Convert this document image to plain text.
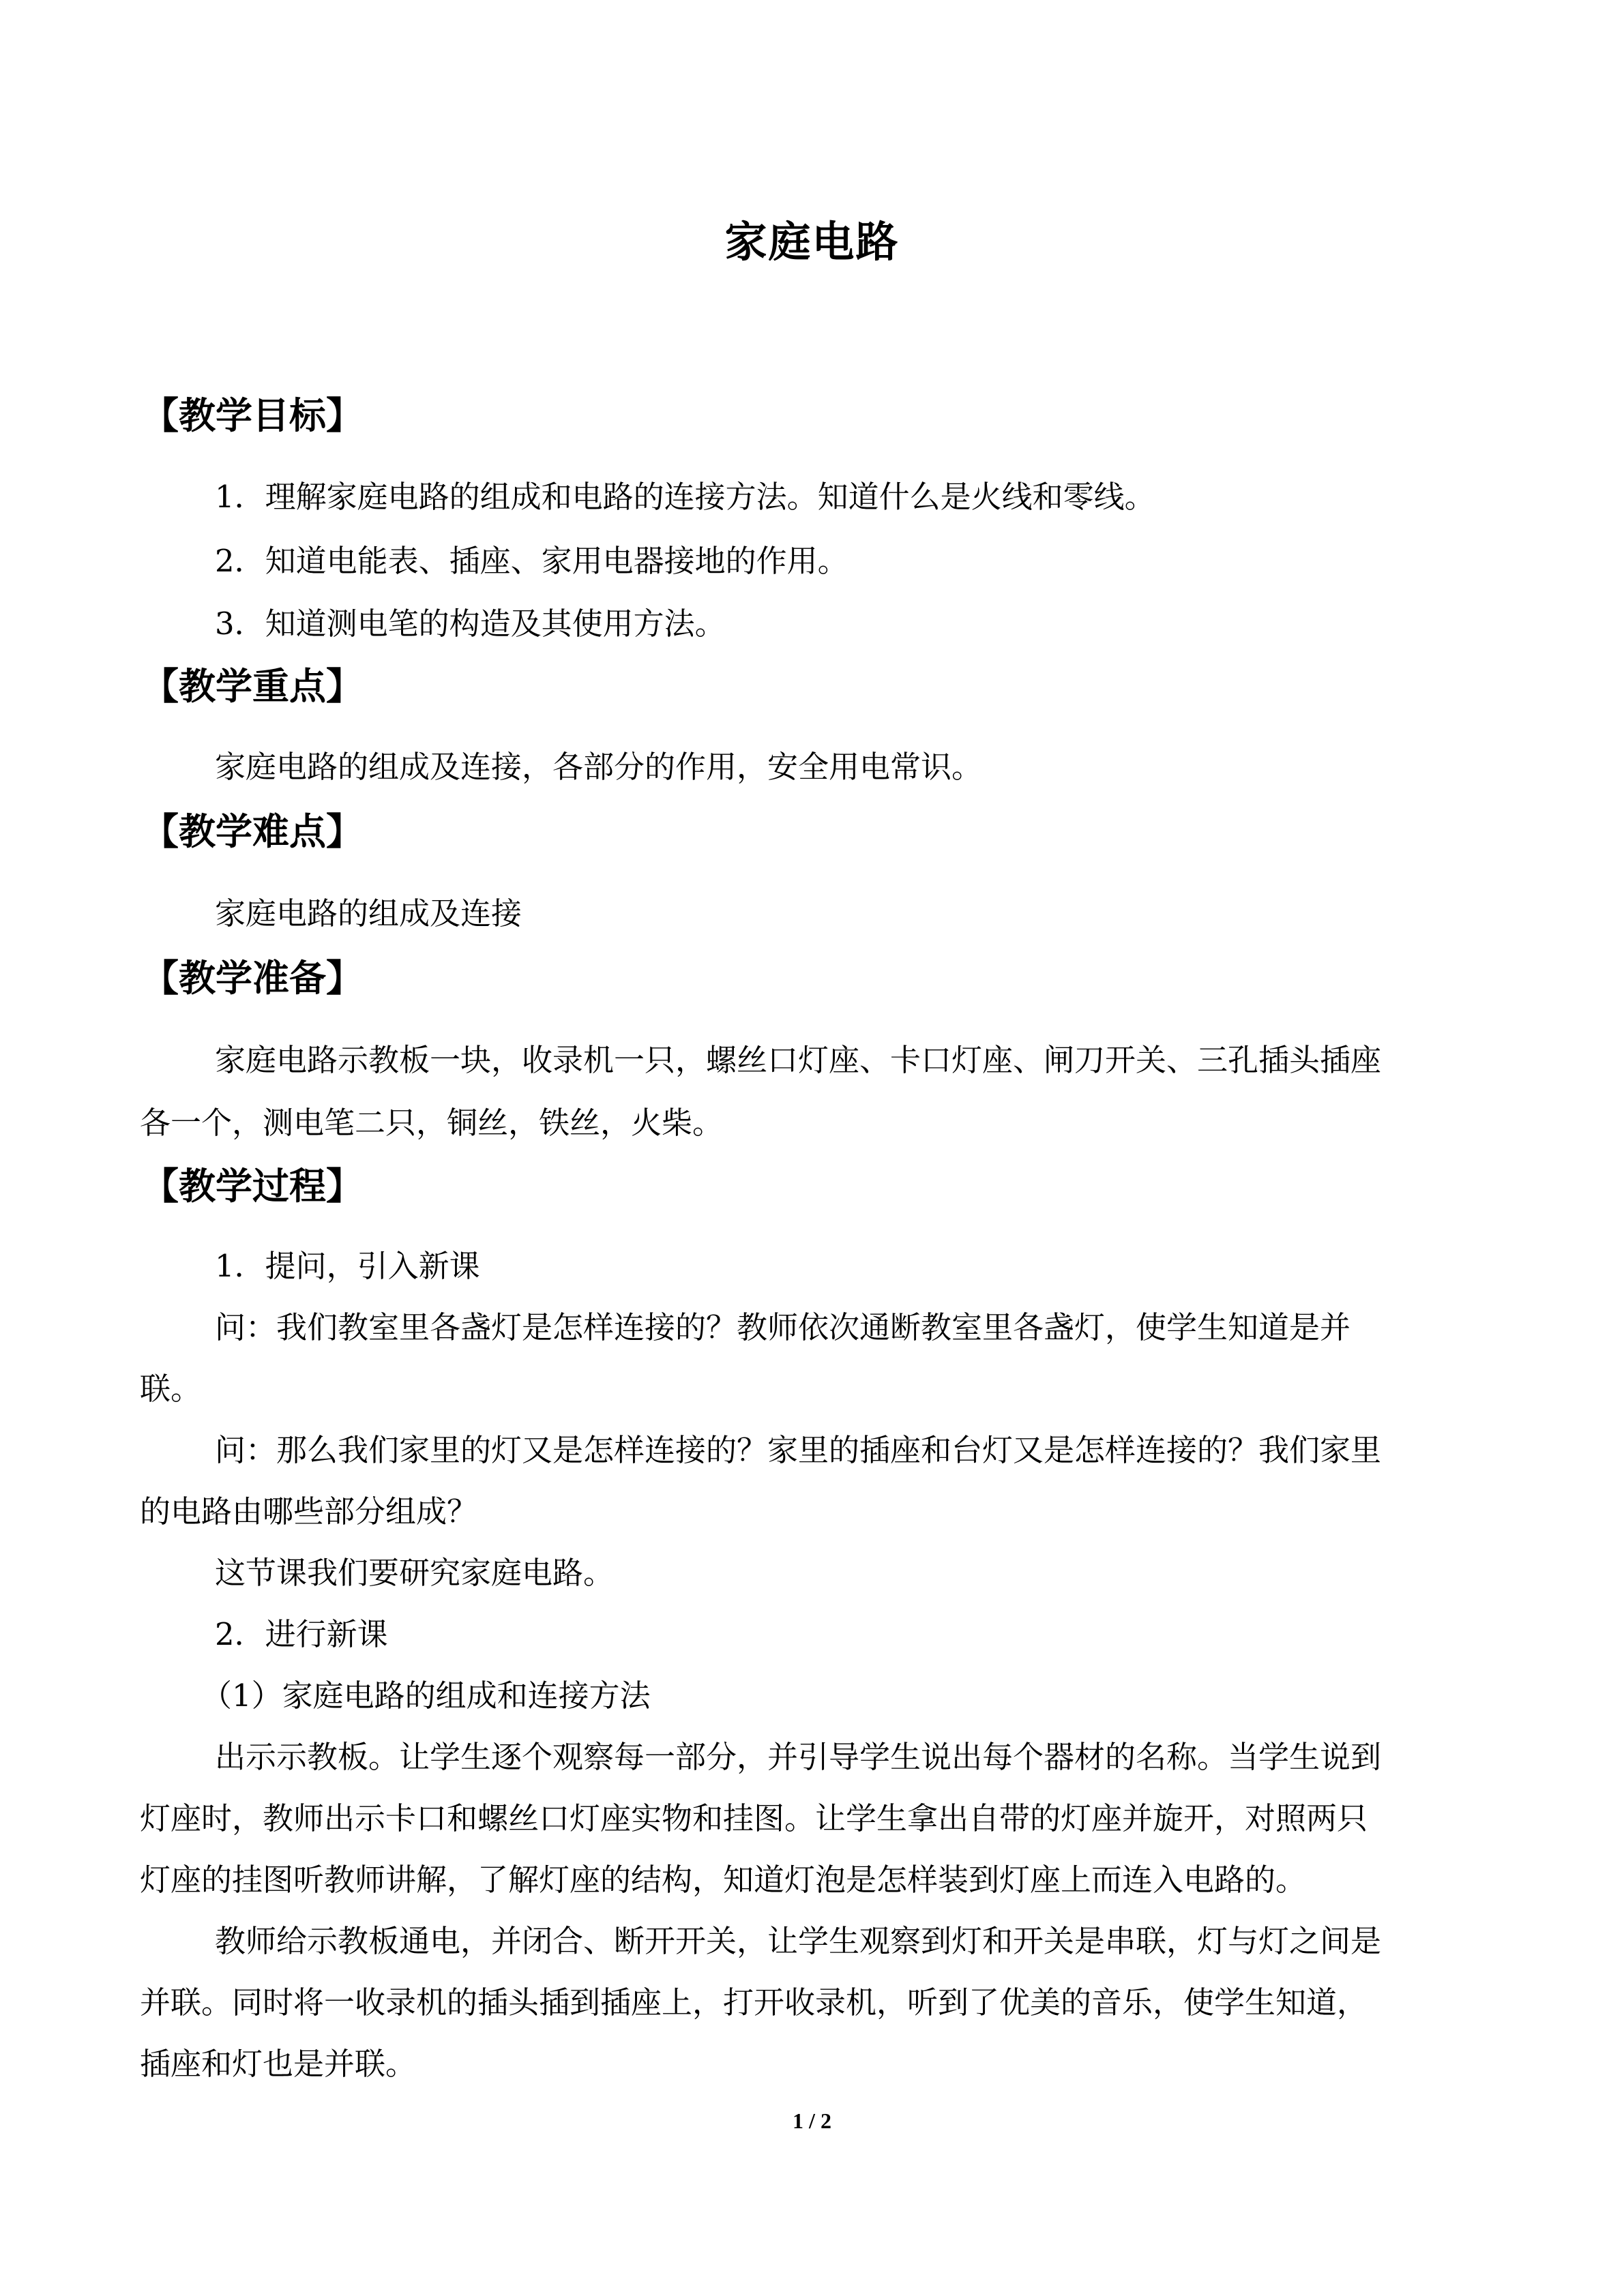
家庭电路
【教学目标】
1．理解家庭电路的组成和电路的连接方法。知道什么是火线和零线。
2．知道电能表、插座、家用电器接地的作用。
3．知道测电笔的构造及其使用方法。
【教学重点】
家庭电路的组成及连接，各部分的作用，安全用电常识。
【教学难点】
家庭电路的组成及连接
【教学准备】
家庭电路示教板一块，收录机一只，螺丝口灯座、卡口灯座、闸刀开关、三孔插头插座
各一个，测电笔二只，铜丝，铁丝，火柴。
【教学过程】
1．提问，引入新课
问：我们教室里各盏灯是怎样连接的？教师依次通断教室里各盏灯，使学生知道是并
联。
问：那么我们家里的灯又是怎样连接的？家里的插座和台灯又是怎样连接的？我们家里
的电路由哪些部分组成？
这节课我们要研究家庭电路。
2．进行新课
（1）家庭电路的组成和连接方法
出示示教板。让学生逐个观察每一部分，并引导学生说出每个器材的名称。当学生说到
灯座时，教师出示卡口和螺丝口灯座实物和挂图。让学生拿出自带的灯座并旋开，对照两只
灯座的挂图听教师讲解，了解灯座的结构，知道灯泡是怎样装到灯座上而连入电路的。
教师给示教板通电，并闭合、断开开关，让学生观察到灯和开关是串联，灯与灯之间是
并联。同时将一收录机的插头插到插座上，打开收录机，听到了优美的音乐，使学生知道，
插座和灯也是并联。
1 / 2
